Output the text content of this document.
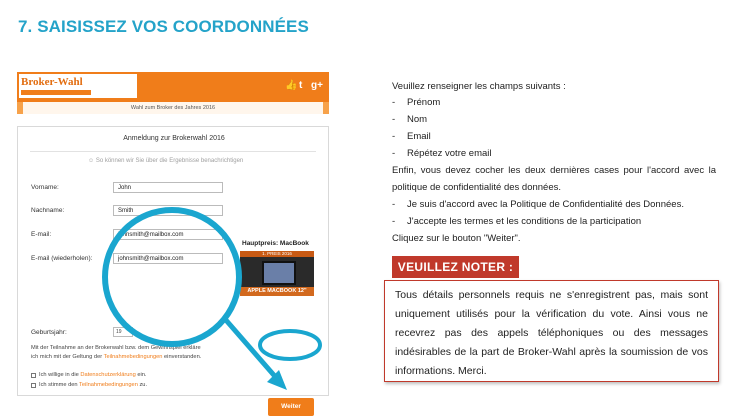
7. SAISISSEZ VOS COORDONNÉES
Broker-Wahl	👍 t g+
Wahl zum Broker des Jahres 2016
Anmeldung zur Brokerwahl 2016
☺ So können wir Sie über die Ergebnisse benachrichtigen
Vorname:	John
Nachname:	Smith
E-mail:	johnsmith@mailbox.com
E-mail (wiederholen):	johnsmith@mailbox.com
Geburtsjahr:	19
Hauptpreis: MacBook
1. PREIS 2016
APPLE MACBOOK 12"
Mit der Teilnahme an der Brokerwahl bzw. dem Gewinnspiel erkläre
ich mich mit der Geltung der Teilnahmebedingungen einverstanden.
Ich willige in die Datenschutzerklärung ein.
Ich stimme den Teilnahmebedingungen zu.
Weiter
Veuillez renseigner les champs suivants :
- Prénom
- Nom
- Email
- Répétez votre email
Enfin, vous devez cocher les deux dernières cases pour l'accord avec la
politique de confidentialité des données.
- Je suis d'accord avec la Politique de Confidentialité des Données.
- J'accepte les termes et les conditions de la participation
Cliquez sur le bouton "Weiter".
VEUILLEZ NOTER :
Tous détails personnels requis ne s'enregistrent pas, mais sont
uniquement utilisés pour la vérification du vote. Ainsi vous ne
recevrez pas des appels téléphoniques ou des messages
indésirables de la part de Broker-Wahl après la soumission de vos
informations. Merci.
